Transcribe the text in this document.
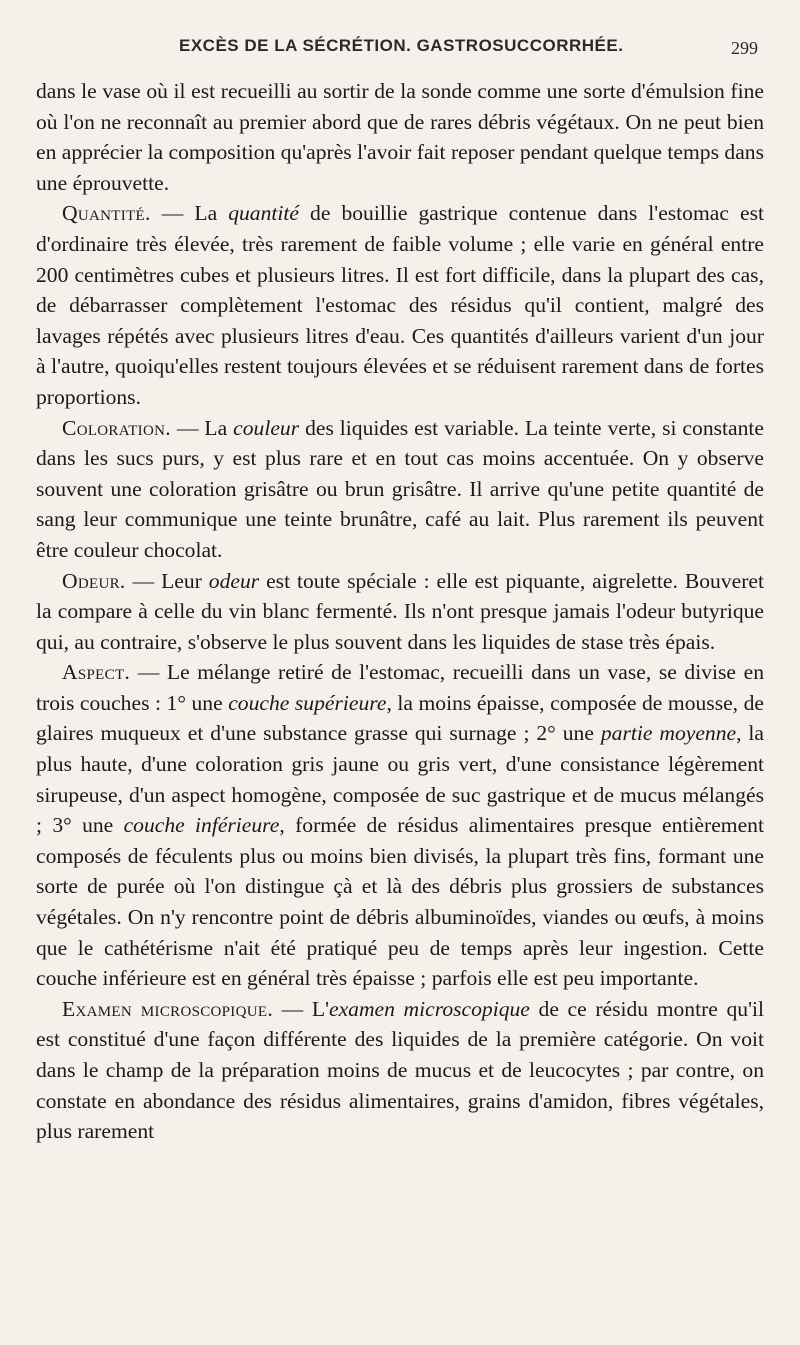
EXCÈS DE LA SÉCRÉTION. GASTROSUCCORRHÉE.	299

dans le vase où il est recueilli au sortir de la sonde comme une sorte d'émulsion fine où l'on ne reconnaît au premier abord que de rares débris végétaux. On ne peut bien en apprécier la composition qu'après l'avoir fait reposer pendant quelque temps dans une éprouvette.

Quantité. — La quantité de bouillie gastrique contenue dans l'estomac est d'ordinaire très élevée, très rarement de faible volume ; elle varie en général entre 200 centimètres cubes et plusieurs litres. Il est fort difficile, dans la plupart des cas, de débarrasser complètement l'estomac des résidus qu'il contient, malgré des lavages répétés avec plusieurs litres d'eau. Ces quantités d'ailleurs varient d'un jour à l'autre, quoiqu'elles restent toujours élevées et se réduisent rarement dans de fortes proportions.

Coloration. — La couleur des liquides est variable. La teinte verte, si constante dans les sucs purs, y est plus rare et en tout cas moins accentuée. On y observe souvent une coloration grisâtre ou brun grisâtre. Il arrive qu'une petite quantité de sang leur communique une teinte brunâtre, café au lait. Plus rarement ils peuvent être couleur chocolat.

Odeur. — Leur odeur est toute spéciale : elle est piquante, aigrelette. Bouveret la compare à celle du vin blanc fermenté. Ils n'ont presque jamais l'odeur butyrique qui, au contraire, s'observe le plus souvent dans les liquides de stase très épais.

Aspect. — Le mélange retiré de l'estomac, recueilli dans un vase, se divise en trois couches : 1° une couche supérieure, la moins épaisse, composée de mousse, de glaires muqueux et d'une substance grasse qui surnage ; 2° une partie moyenne, la plus haute, d'une coloration gris jaune ou gris vert, d'une consistance légèrement sirupeuse, d'un aspect homogène, composée de suc gastrique et de mucus mélangés ; 3° une couche inférieure, formée de résidus alimentaires presque entièrement composés de féculents plus ou moins bien divisés, la plupart très fins, formant une sorte de purée où l'on distingue çà et là des débris plus grossiers de substances végétales. On n'y rencontre point de débris albuminoïdes, viandes ou œufs, à moins que le cathétérisme n'ait été pratiqué peu de temps après leur ingestion. Cette couche inférieure est en général très épaisse ; parfois elle est peu importante.

Examen microscopique. — L'examen microscopique de ce résidu montre qu'il est constitué d'une façon différente des liquides de la première catégorie. On voit dans le champ de la préparation moins de mucus et de leucocytes ; par contre, on constate en abondance des résidus alimentaires, grains d'amidon, fibres végétales, plus rarement
